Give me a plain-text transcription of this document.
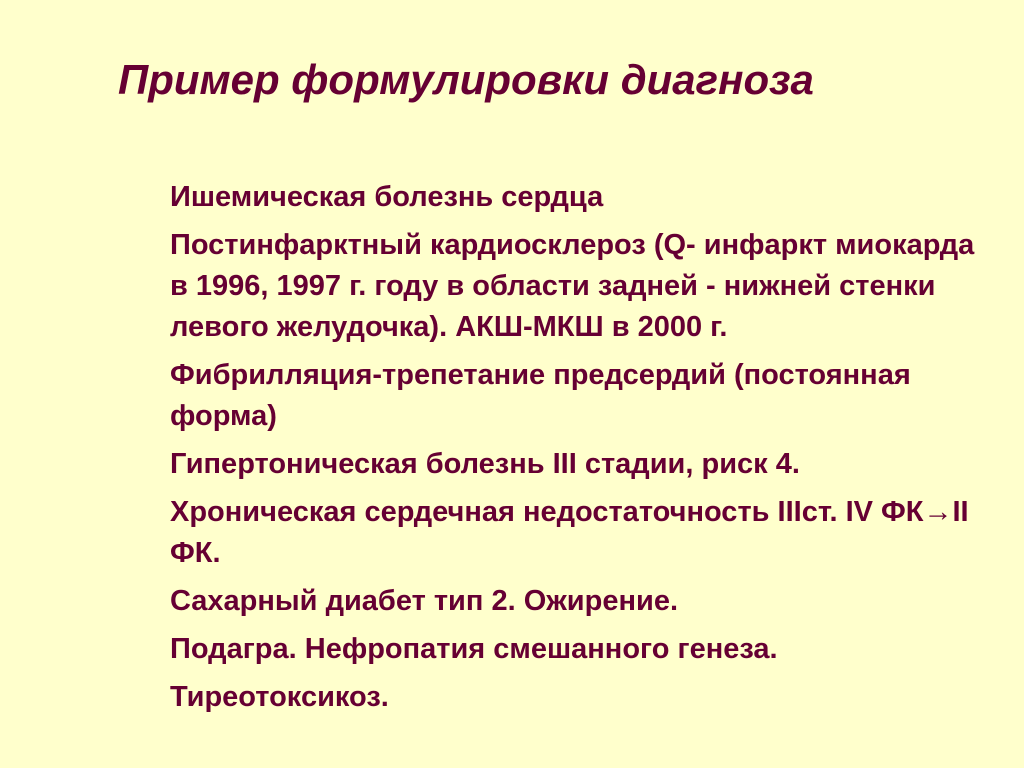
Пример формулировки диагноза
Ишемическая болезнь сердца
Постинфарктный кардиосклероз (Q- инфаркт миокарда в 1996, 1997 г. году в области задней - нижней стенки левого желудочка). АКШ-МКШ в 2000 г.
Фибрилляция-трепетание предсердий (постоянная форма)
Гипертоническая болезнь III стадии, риск 4.
Хроническая сердечная недостаточность IIIст. IV ФК→II ФК.
Сахарный диабет тип 2. Ожирение.
Подагра. Нефропатия смешанного генеза.
Тиреотоксикоз.
